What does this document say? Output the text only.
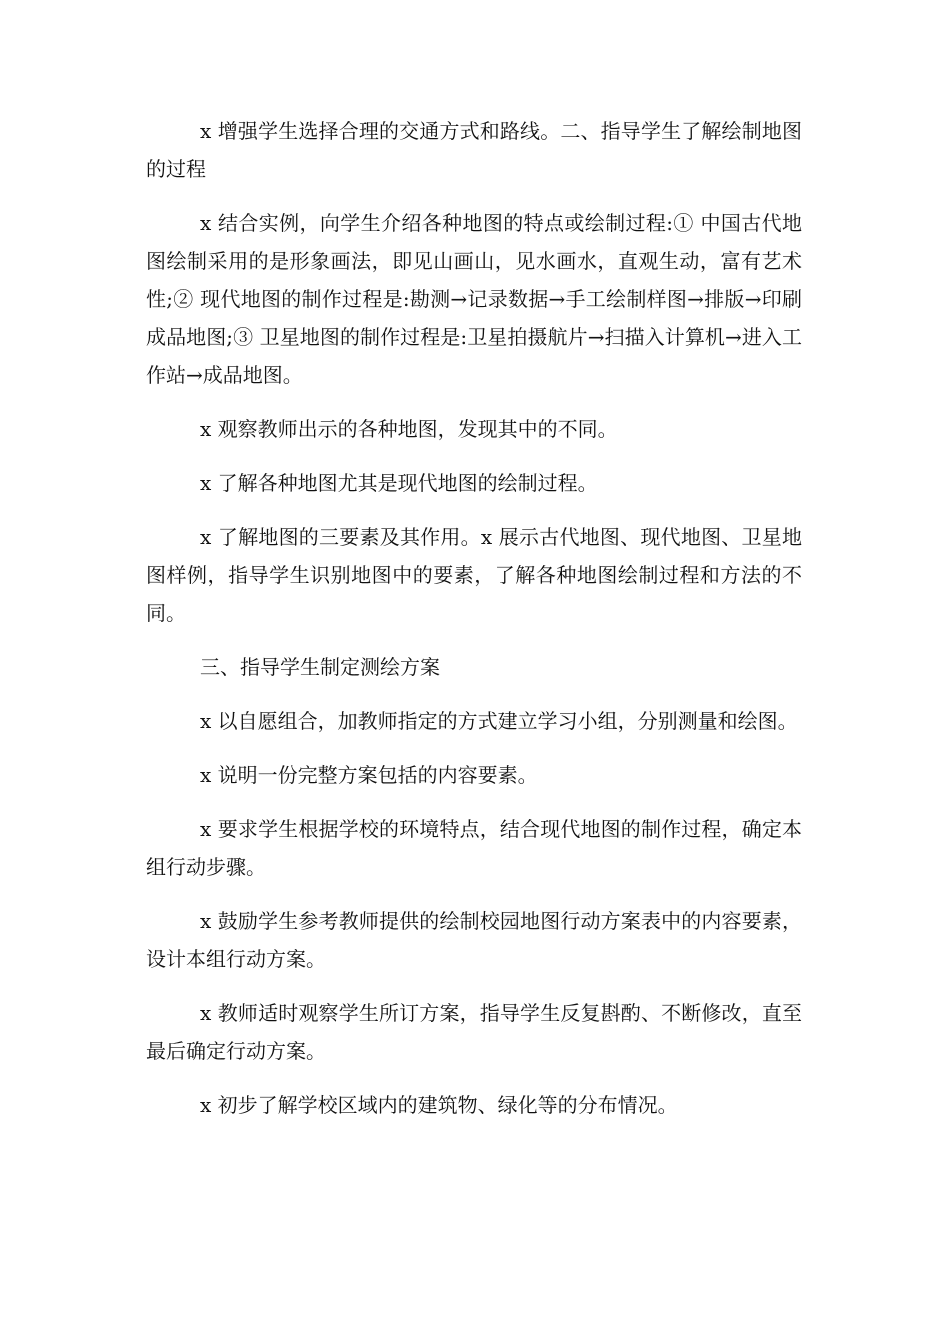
x 增强学生选择合理的交通方式和路线。二、指导学生了解绘制地图的过程

x 结合实例，向学生介绍各种地图的特点或绘制过程:① 中国古代地图绘制采用的是形象画法，即见山画山，见水画水，直观生动，富有艺术性;② 现代地图的制作过程是:勘测→记录数据→手工绘制样图→排版→印刷成品地图;③ 卫星地图的制作过程是:卫星拍摄航片→扫描入计算机→进入工作站→成品地图。

x 观察教师出示的各种地图，发现其中的不同。

x 了解各种地图尤其是现代地图的绘制过程。

x 了解地图的三要素及其作用。x 展示古代地图、现代地图、卫星地图样例，指导学生识别地图中的要素，了解各种地图绘制过程和方法的不同。

三、指导学生制定测绘方案

x 以自愿组合，加教师指定的方式建立学习小组，分别测量和绘图。

x 说明一份完整方案包括的内容要素。

x 要求学生根据学校的环境特点，结合现代地图的制作过程，确定本组行动步骤。

x 鼓励学生参考教师提供的绘制校园地图行动方案表中的内容要素，设计本组行动方案。

x 教师适时观察学生所订方案，指导学生反复斟酌、不断修改，直至最后确定行动方案。

x 初步了解学校区域内的建筑物、绿化等的分布情况。
